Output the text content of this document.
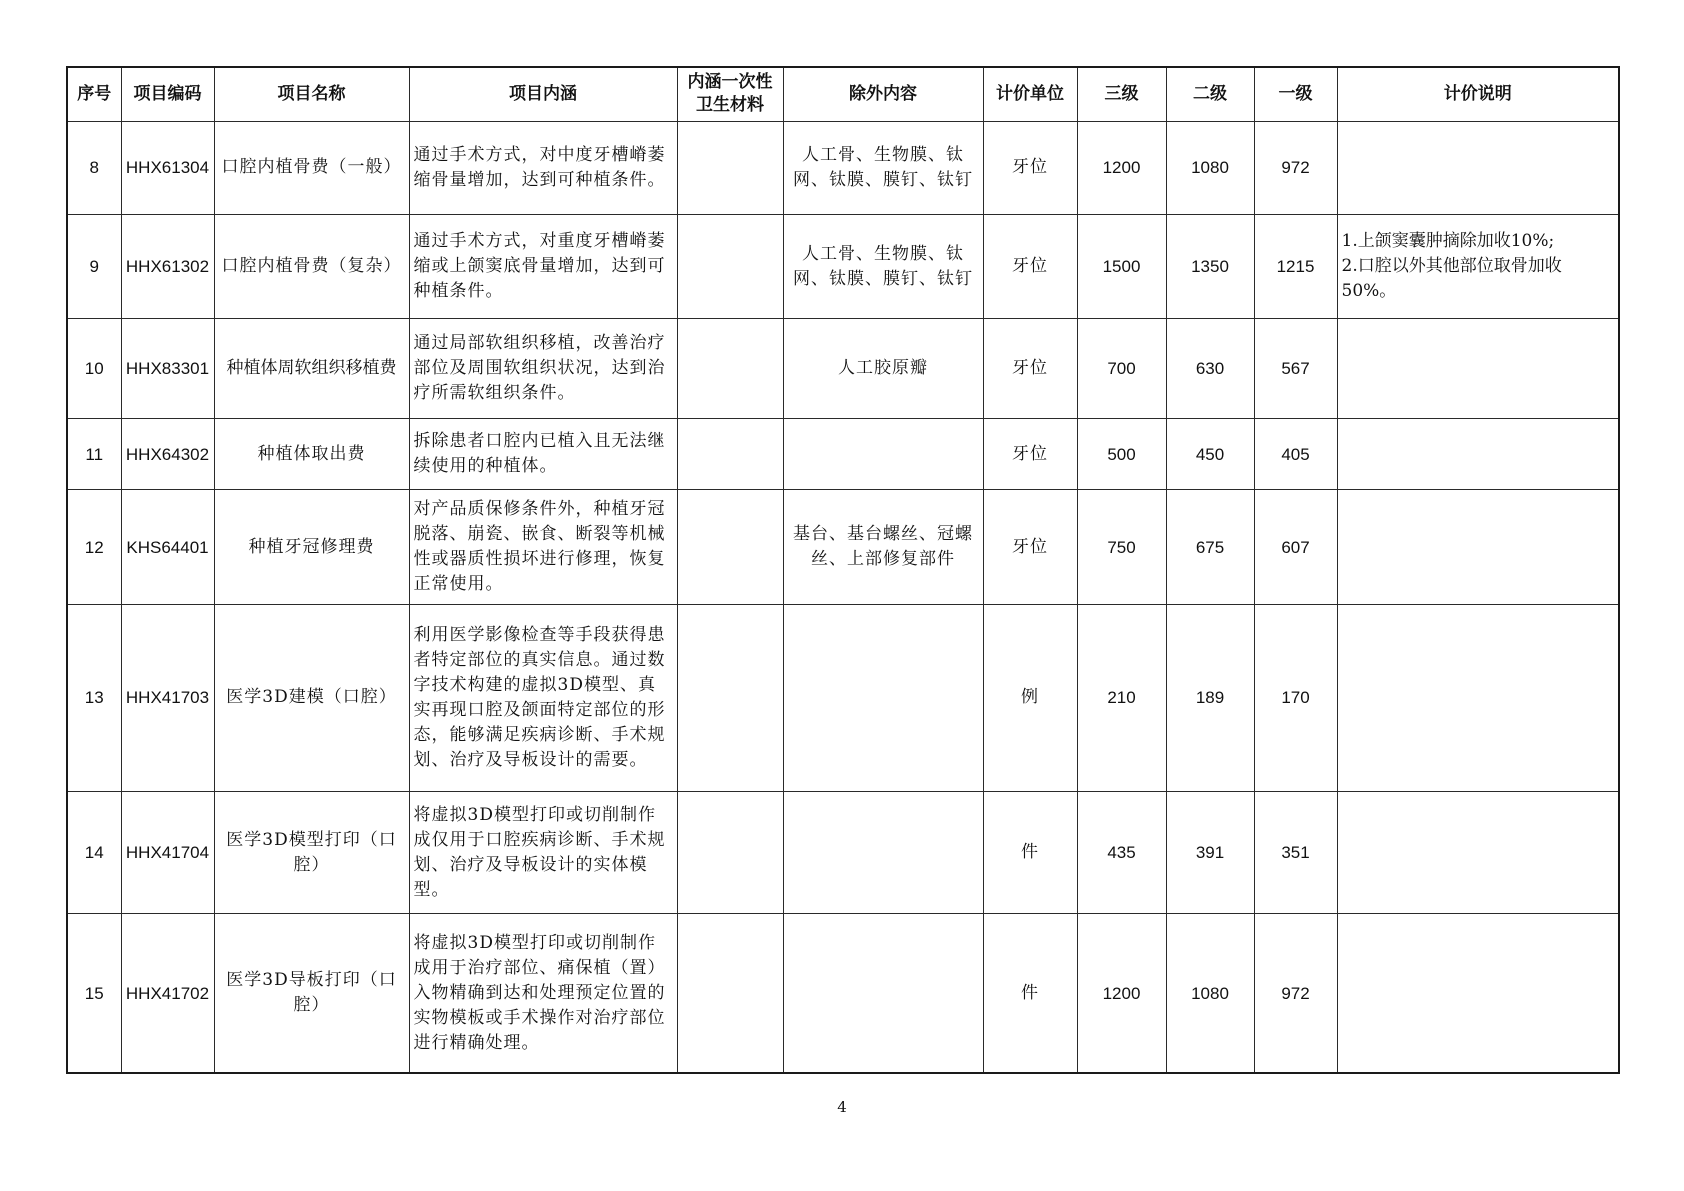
序号	项目编码	项目名称	项目内涵	内涵一次性卫生材料	除外内容	计价单位	三级	二级	一级	计价说明
8	HHX61304	口腔内植骨费（一般）	通过手术方式，对中度牙槽嵴萎缩骨量增加，达到可种植条件。		人工骨、生物膜、钛网、钛膜、膜钉、钛钉	牙位	1200	1080	972	
9	HHX61302	口腔内植骨费（复杂）	通过手术方式，对重度牙槽嵴萎缩或上颌窦底骨量增加，达到可种植条件。		人工骨、生物膜、钛网、钛膜、膜钉、钛钉	牙位	1500	1350	1215	1.上颌窦囊肿摘除加收10%;
2.口腔以外其他部位取骨加收50%。

10	HHX83301	种植体周软组织移植费	通过局部软组织移植，改善治疗部位及周围软组织状况，达到治疗所需软组织条件。		人工胶原瓣	牙位	700	630	567	
11	HHX64302	种植体取出费	拆除患者口腔内已植入且无法继续使用的种植体。			牙位	500	450	405	
12	KHS64401	种植牙冠修理费	对产品质保修条件外，种植牙冠脱落、崩瓷、嵌食、断裂等机械性或器质性损坏进行修理，恢复正常使用。		基台、基台螺丝、冠螺丝、上部修复部件	牙位	750	675	607	
13	HHX41703	医学3D建模（口腔）	利用医学影像检查等手段获得患者特定部位的真实信息。通过数字技术构建的虚拟3D模型、真实再现口腔及颌面特定部位的形态，能够满足疾病诊断、手术规划、治疗及导板设计的需要。			例	210	189	170	
14	HHX41704	医学3D模型打印（口腔）	将虚拟3D模型打印或切削制作成仅用于口腔疾病诊断、手术规划、治疗及导板设计的实体模型。			件	435	391	351	
15	HHX41702	医学3D导板打印（口腔）	将虚拟3D模型打印或切削制作成用于治疗部位、痛保植（置）入物精确到达和处理预定位置的实物模板或手术操作对治疗部位进行精确处理。			件	1200	1080	972	
4
